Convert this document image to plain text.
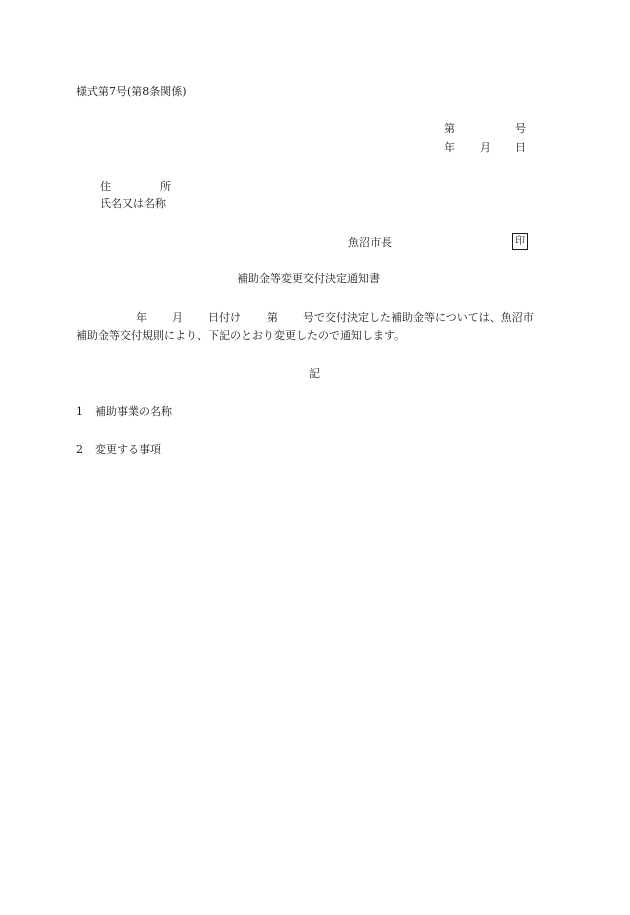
様式第7号(第8条関係)
第	号
年 月 日
住	所
氏名又は名称
魚沼市長	印
補助金等変更交付決定通知書
年 月 日付け 第 号で交付決定した補助金等については、魚沼市
補助金等交付規則により、下記のとおり変更したので通知します。
記
1 補助事業の名称
2 変更する事項
